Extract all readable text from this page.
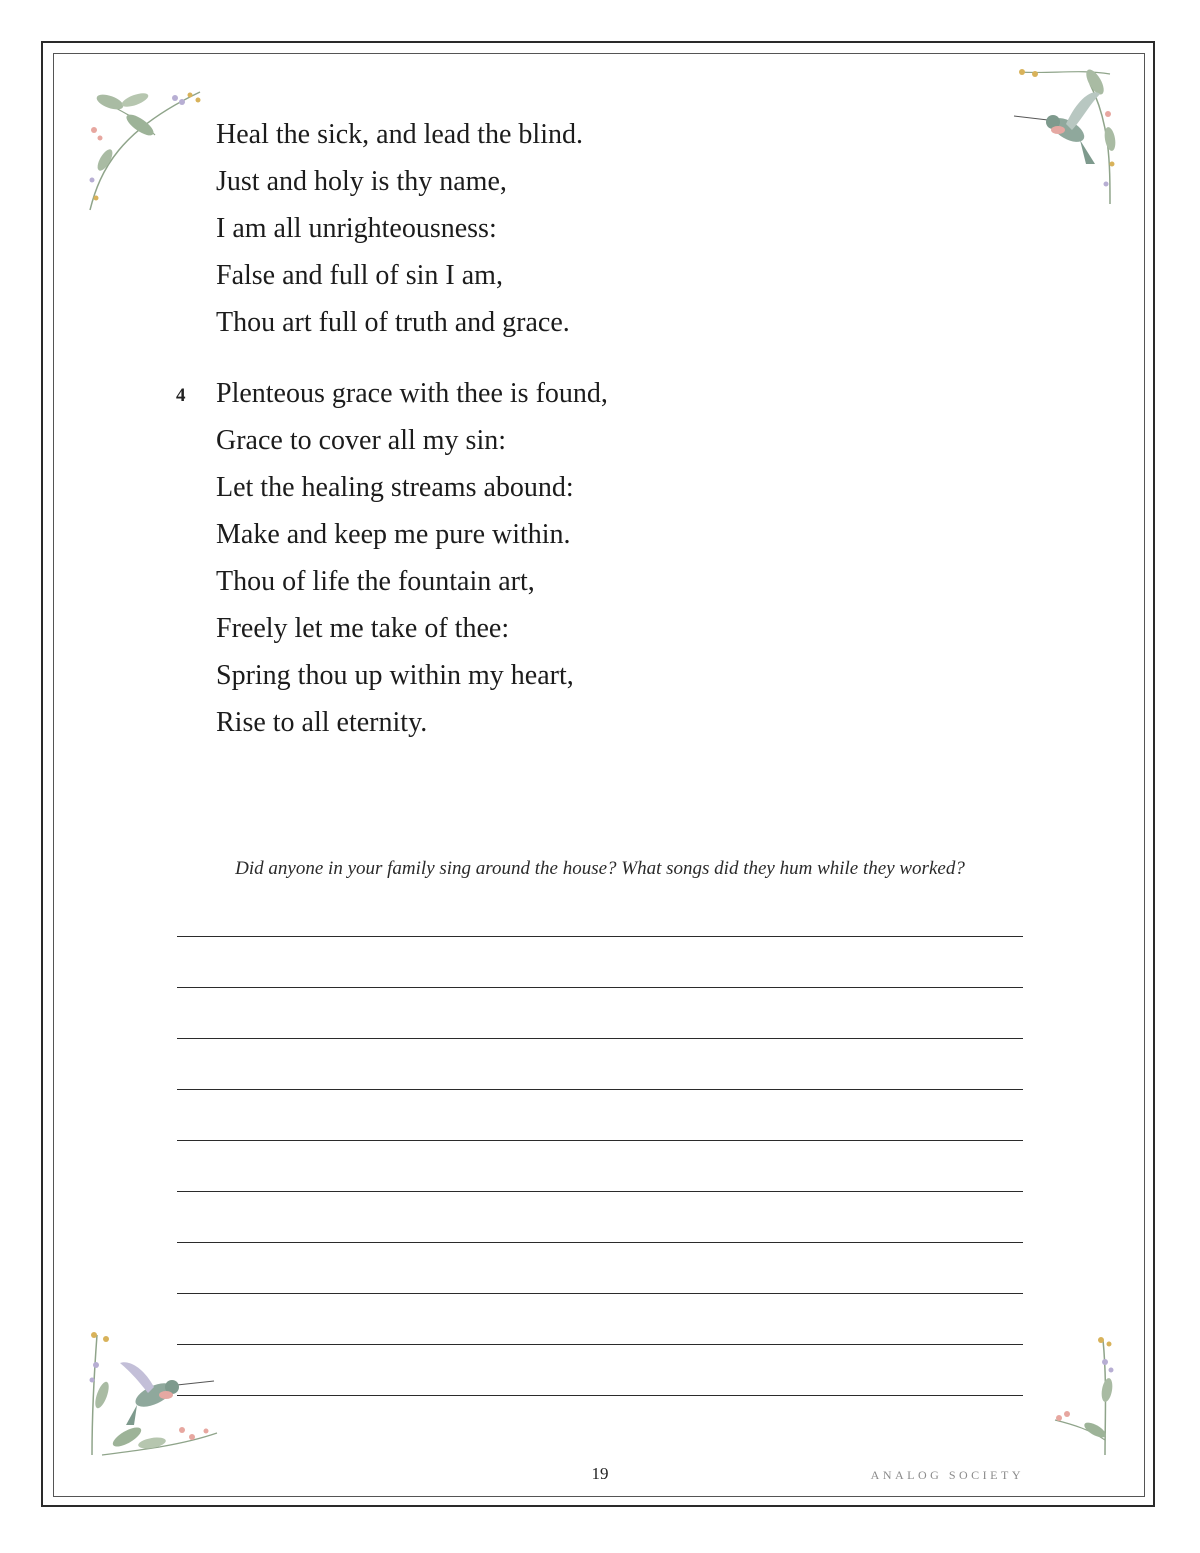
Heal the sick, and lead the blind.
Just and holy is thy name,
I am all unrighteousness:
False and full of sin I am,
Thou art full of truth and grace.
4 Plenteous grace with thee is found,
Grace to cover all my sin:
Let the healing streams abound:
Make and keep me pure within.
Thou of life the fountain art,
Freely let me take of thee:
Spring thou up within my heart,
Rise to all eternity.
Did anyone in your family sing around the house? What songs did they hum while they worked?
19	ANALOG SOCIETY
